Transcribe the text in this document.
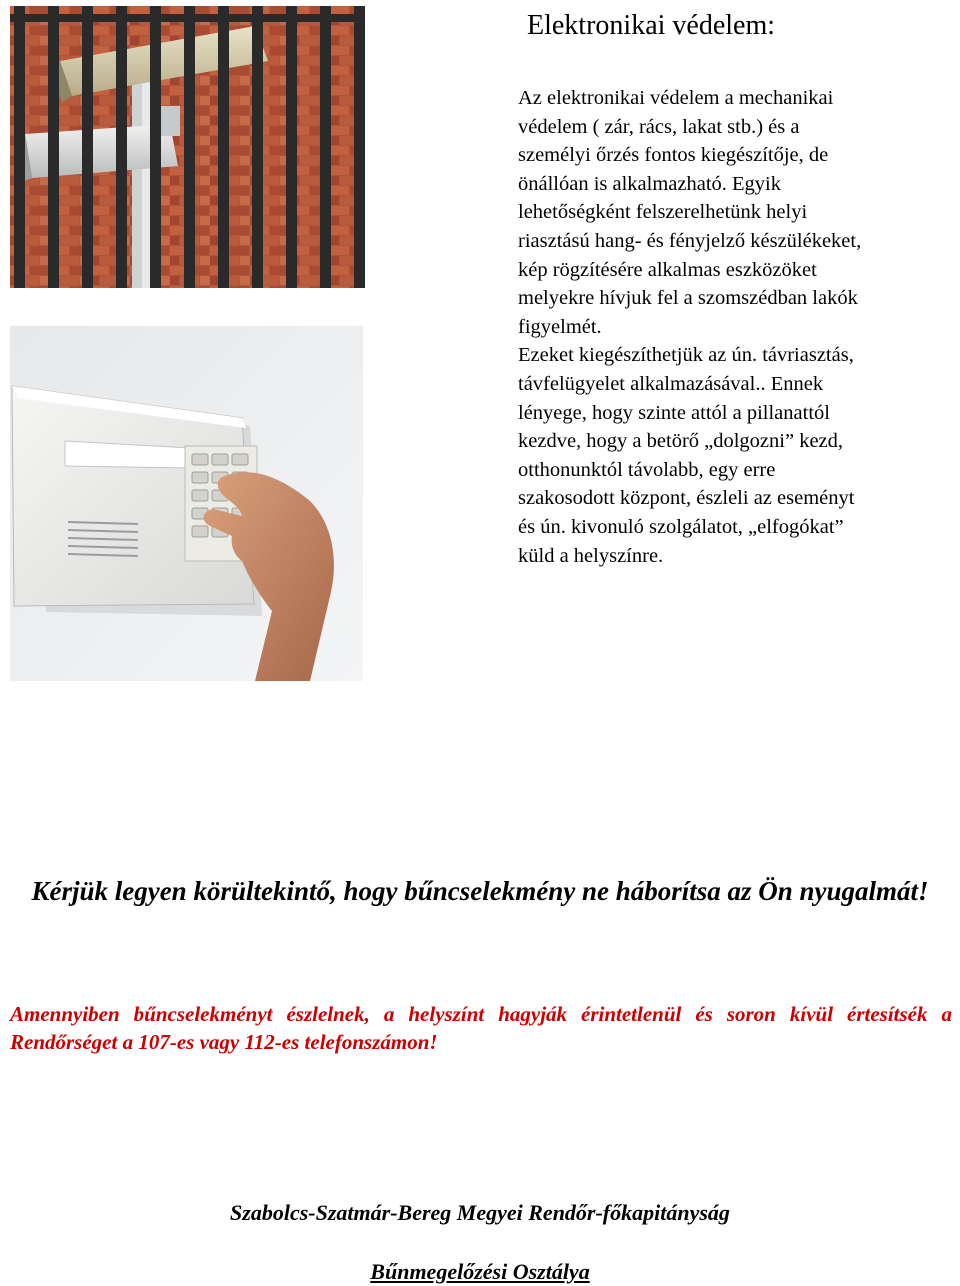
Elektronikai védelem:

Az elektronikai védelem a mechanikai
védelem ( zár, rács, lakat stb.) és a
személyi őrzés fontos kiegészítője, de
önállóan is alkalmazható. Egyik
lehetőségként felszerelhetünk helyi
riasztású hang- és fényjelző készülékeket,
kép rögzítésére alkalmas eszközöket
melyekre hívjuk fel a szomszédban lakók
figyelmét.
Ezeket kiegészíthetjük az ún. távriasztás,
távfelügyelet alkalmazásával.. Ennek
lényege, hogy szinte attól a pillanattól
kezdve, hogy a betörő „dolgozni” kezd,
otthonunktól távolabb, egy erre
szakosodott központ, észleli az eseményt
és ún. kivonuló szolgálatot, „elfogókat”
küld a helyszínre.

Kérjük legyen körültekintő, hogy bűncselekmény ne háborítsa az Ön nyugalmát!
Amennyiben bűncselekményt észlelnek, a helyszínt hagyják érintetlenül és soron kívül értesítsék a Rendőrséget a 107-es vagy 112-es telefonszámon!
Szabolcs-Szatmár-Bereg Megyei Rendőr-főkapitányság
Bűnmegelőzési Osztálya
